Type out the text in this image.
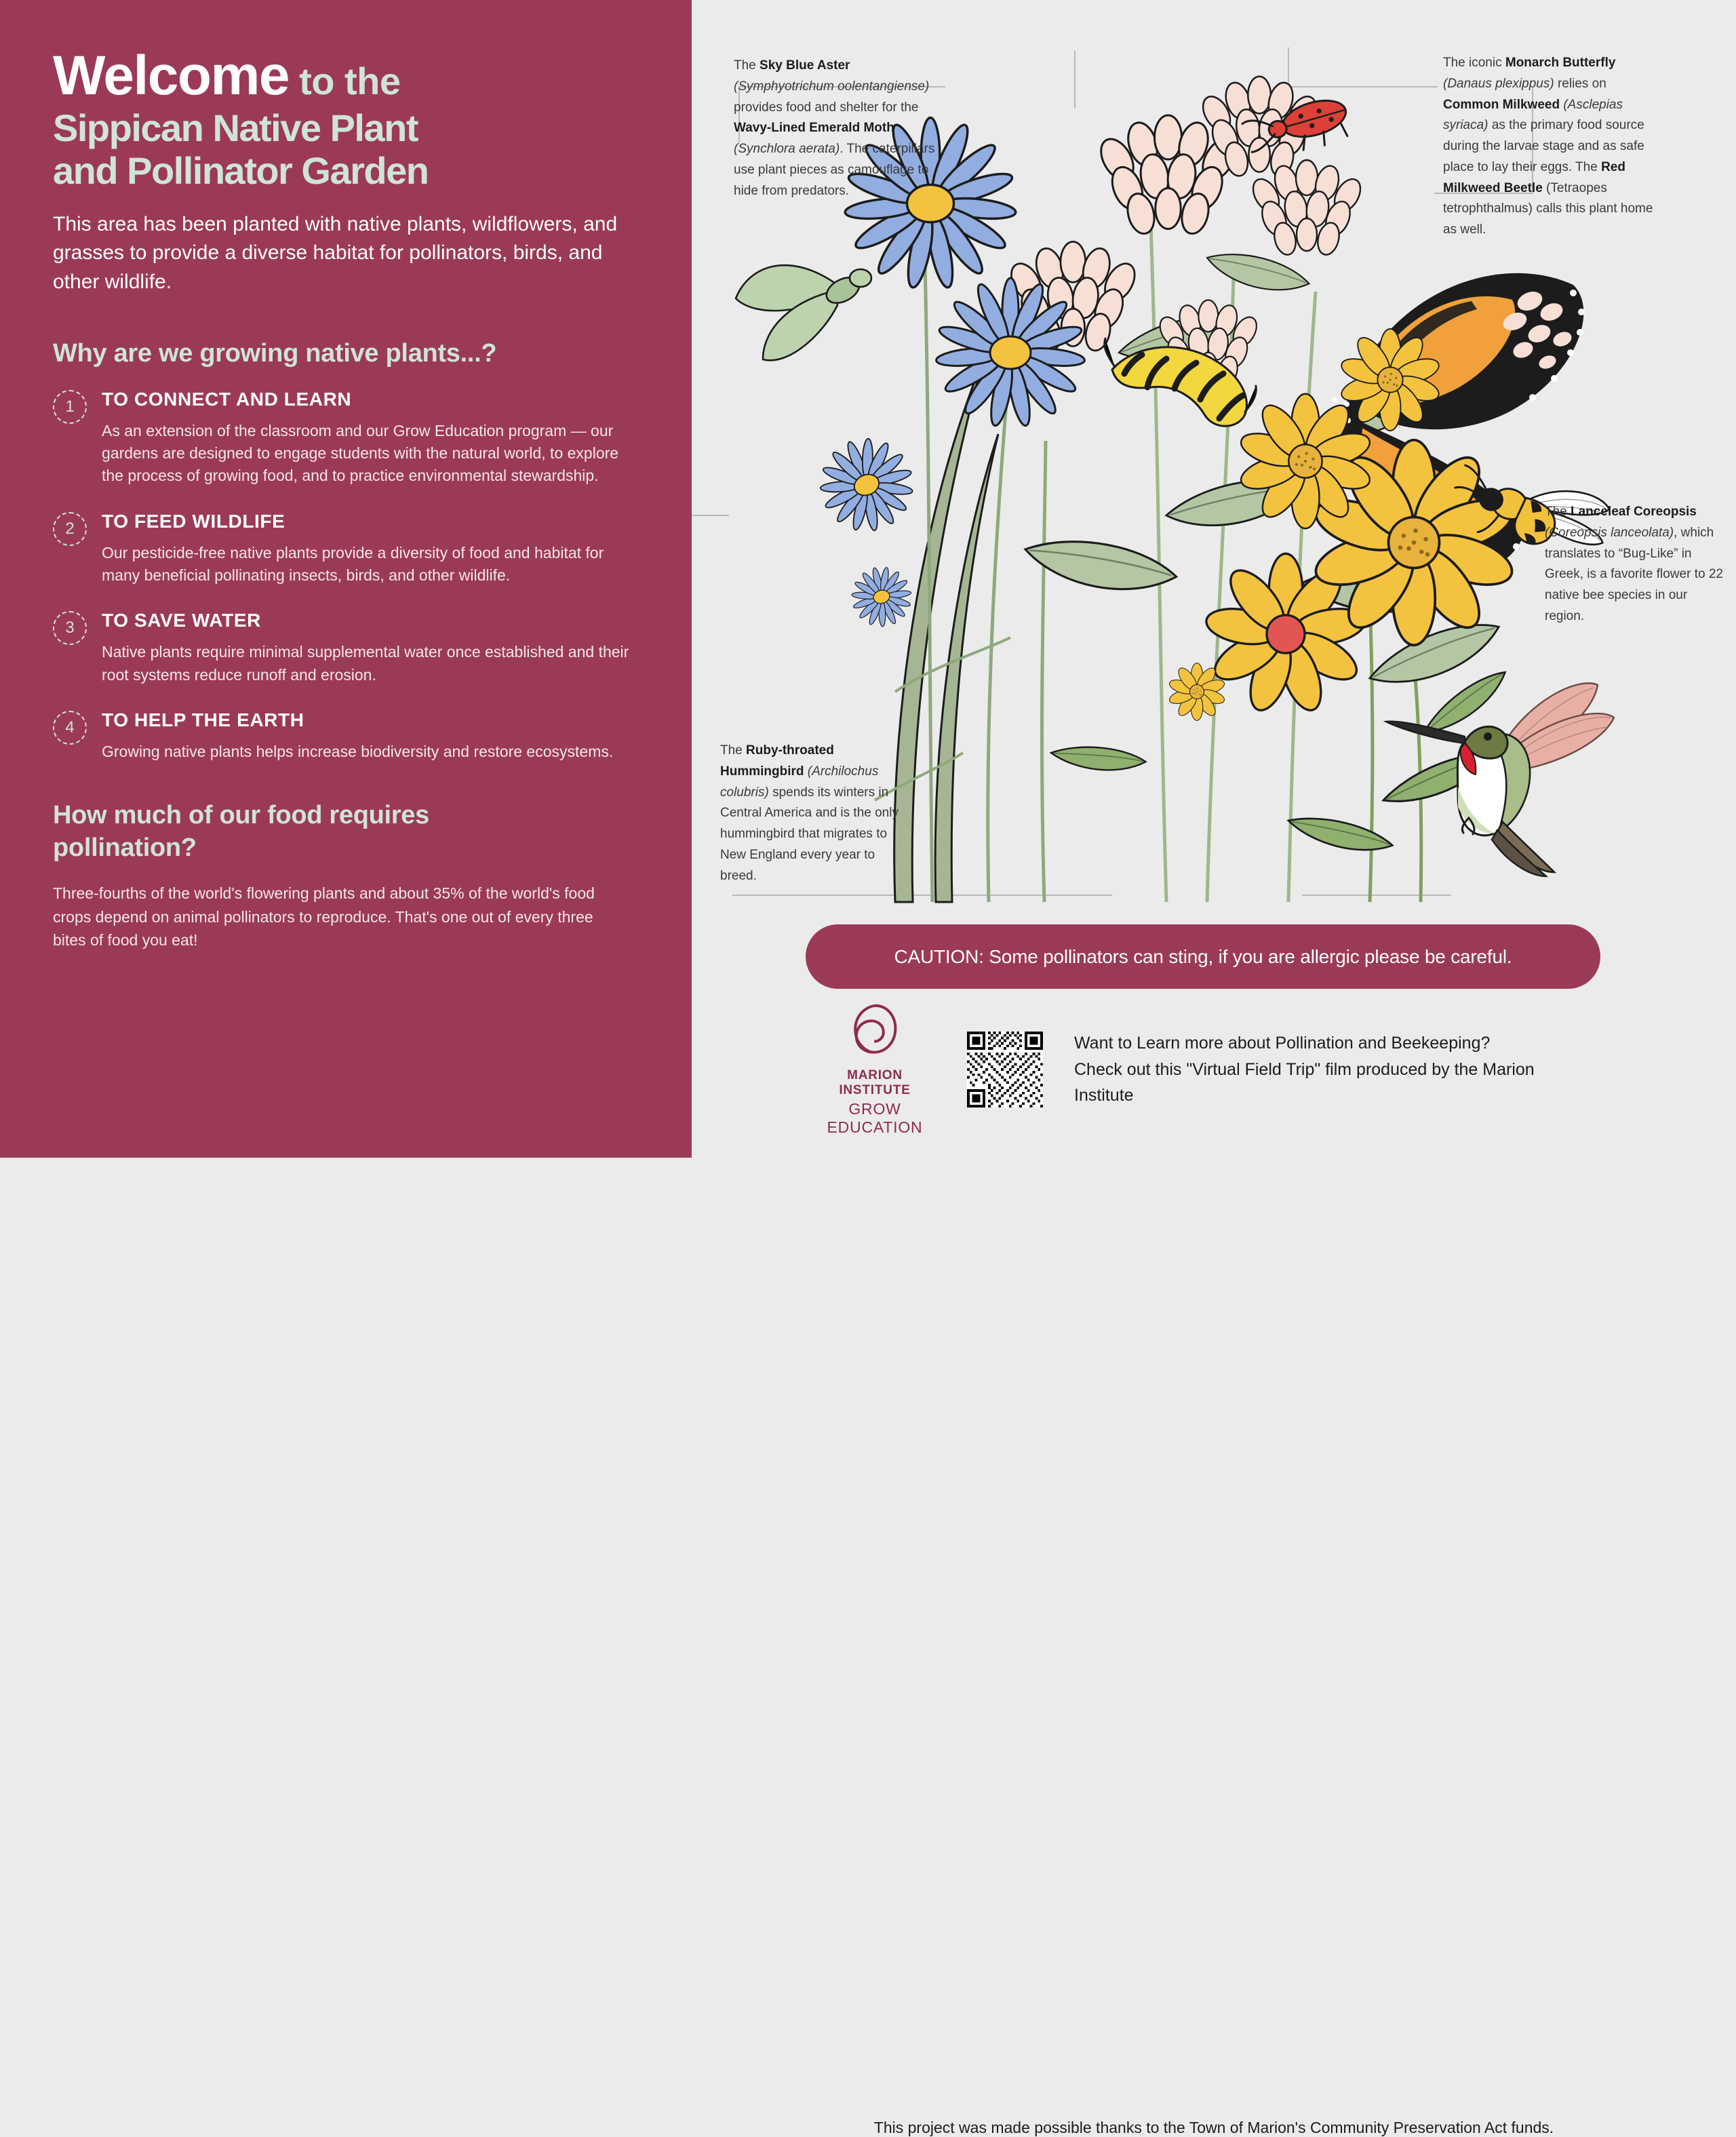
Welcome to the
Sippican Native Plant
and Pollinator Garden

This area has been planted with native plants, wildflowers, and grasses to provide a diverse habitat for pollinators, birds, and other wildlife.

Why are we growing native plants...?
1	TO CONNECT AND LEARN
As an extension of the classroom and our Grow Education program — our gardens are designed to engage students with the natural world, to explore the process of growing food, and to practice environmental stewardship.
2	TO FEED WILDLIFE
Our pesticide-free native plants provide a diversity of food and habitat for many beneficial pollinating insects, birds, and other wildlife.
3	TO SAVE WATER
Native plants require minimal supplemental water once established and their root systems reduce runoff and erosion.
4	TO HELP THE EARTH
Growing native plants helps increase biodiversity and restore ecosystems.
How much of our food requires pollination?

Three-fourths of the world's flowering plants and about 35% of the world's food crops depend on animal pollinators to reproduce. That's one out of every three bites of food you eat!

The Sky Blue Aster (Symphyotrichum oolentangiense) provides food and shelter for the Wavy-Lined Emerald Moth (Synchlora aerata). The caterpillars use plant pieces as camouflage to hide from predators.
The iconic Monarch Butterfly (Danaus plexippus) relies on Common Milkweed (Asclepias syriaca) as the primary food source during the larvae stage and as safe place to lay their eggs. The Red Milkweed Beetle (Tetraopes tetrophthalmus) calls this plant home as well.
The Lanceleaf Coreopsis (Coreopsis lanceolata), which translates to “Bug-Like” in Greek, is a favorite flower to 22 native bee species in our region.
The Ruby-throated Hummingbird (Archilochus colubris) spends its winters in Central America and is the only hummingbird that migrates to New England every year to breed.
CAUTION: Some pollinators can sting, if you are allergic please be careful.
MARION INSTITUTE
GROW EDUCATION
Want to Learn more about Pollination and Beekeeping? Check out this "Virtual Field Trip" film produced by the Marion Institute
This project was made possible thanks to the Town of Marion's Community Preservation Act funds.
